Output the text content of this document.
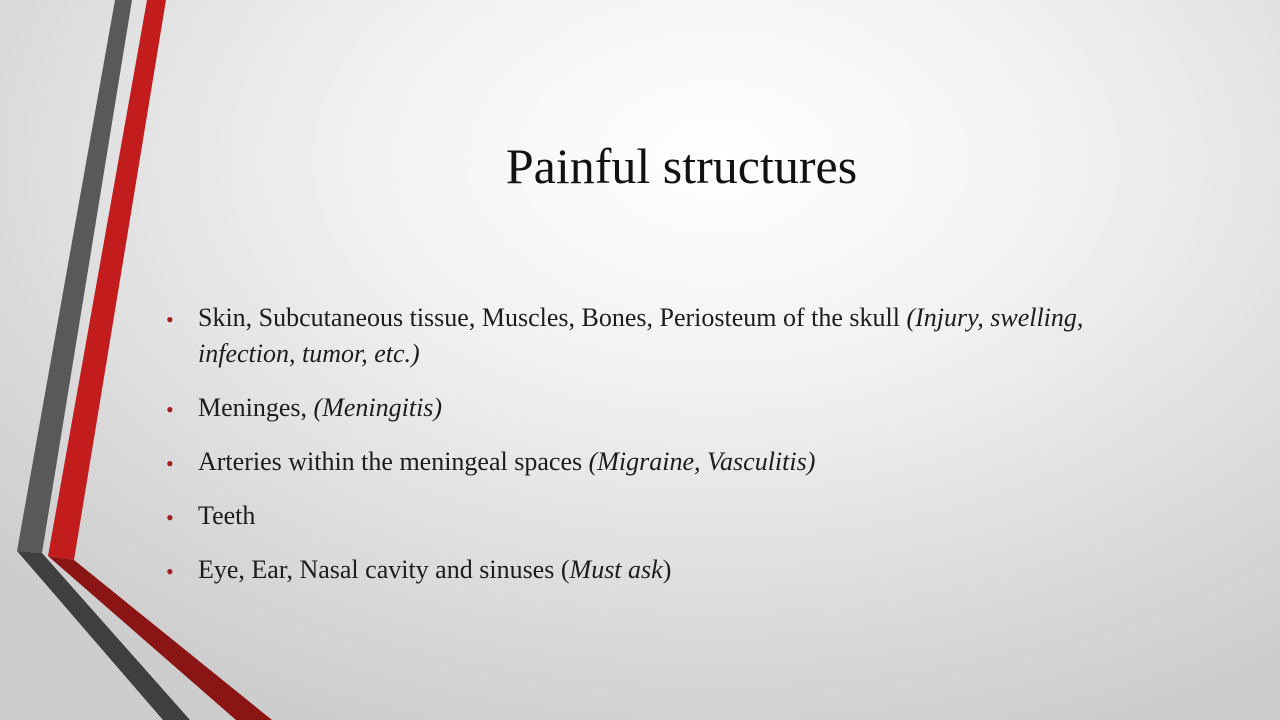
Painful structures
• Skin, Subcutaneous tissue, Muscles, Bones, Periosteum of the skull (Injury, swelling, infection, tumor, etc.)
• Meninges, (Meningitis)
• Arteries within the meningeal spaces (Migraine, Vasculitis)
• Teeth
• Eye, Ear, Nasal cavity and sinuses (Must ask)
